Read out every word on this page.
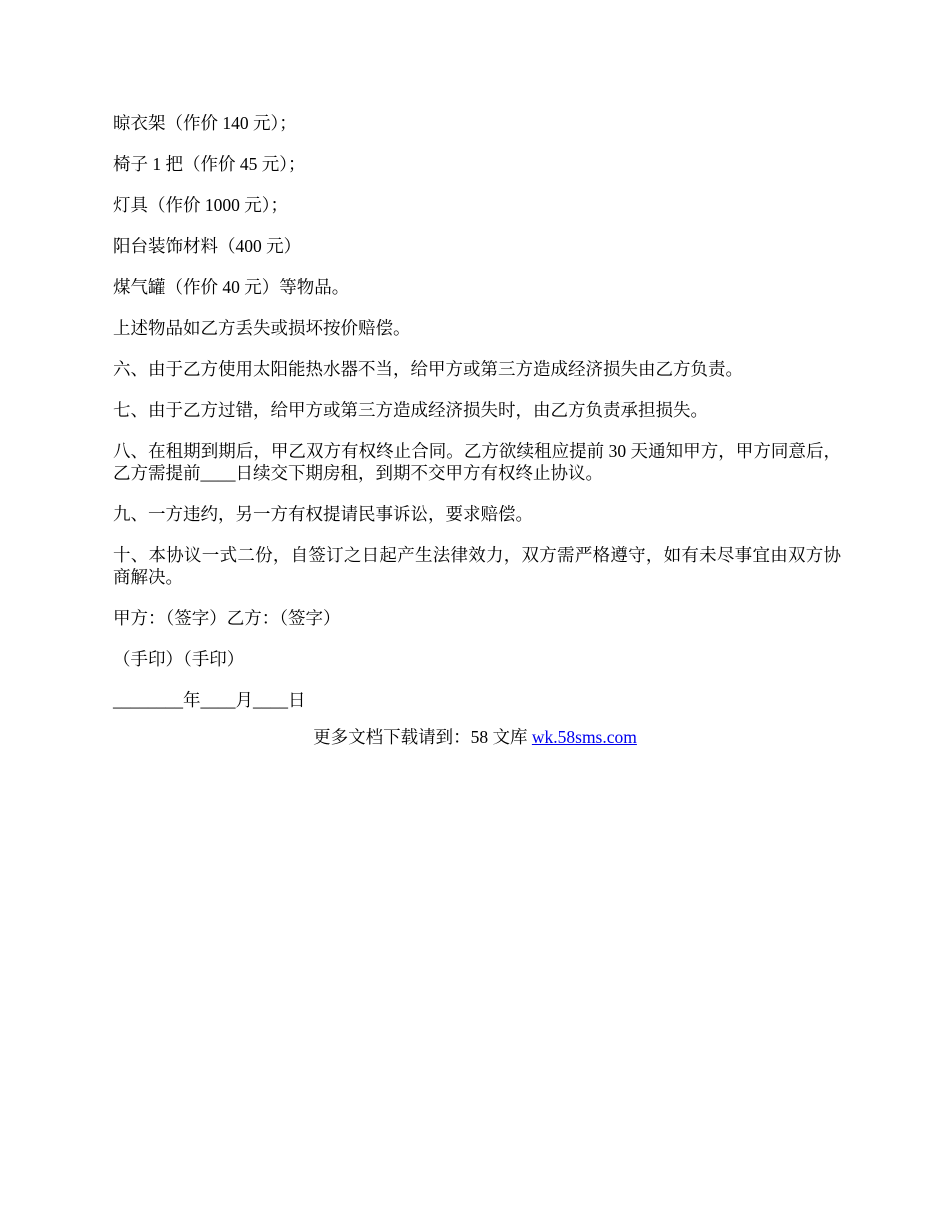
晾衣架（作价 140 元）；

椅子 1 把（作价 45 元）；

灯具（作价 1000 元）；

阳台装饰材料（400 元）

煤气罐（作价 40 元）等物品。

上述物品如乙方丢失或损坏按价赔偿。

六、由于乙方使用太阳能热水器不当，给甲方或第三方造成经济损失由乙方负责。

七、由于乙方过错，给甲方或第三方造成经济损失时，由乙方负责承担损失。

八、在租期到期后，甲乙双方有权终止合同。乙方欲续租应提前 30 天通知甲方，甲方同意后，乙方需提前____日续交下期房租，到期不交甲方有权终止协议。

九、一方违约，另一方有权提请民事诉讼，要求赔偿。

十、本协议一式二份，自签订之日起产生法律效力，双方需严格遵守，如有未尽事宜由双方协商解决。

甲方：（签字）乙方：（签字）

（手印）（手印）

________年____月____日

更多文档下载请到：58 文库 wk.58sms.com
